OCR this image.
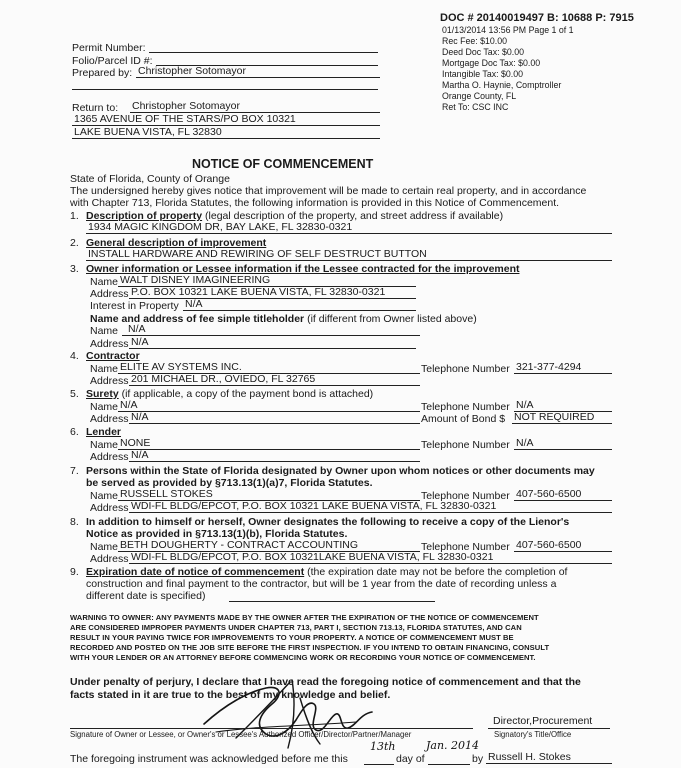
DOC # 20140019497 B: 10688 P: 7915
01/13/2014 13:56 PM Page 1 of 1
Rec Fee: $10.00
Deed Doc Tax: $0.00
Mortgage Doc Tax: $0.00
Intangible Tax: $0.00
Martha O. Haynie, Comptroller
Orange County, FL
Ret To: CSC INC
Permit Number:
Folio/Parcel ID #:
Prepared by: Christopher Sotomayor
Return to: Christopher Sotomayor
1365 AVENUE OF THE STARS/PO BOX 10321
LAKE BUENA VISTA, FL 32830
NOTICE OF COMMENCEMENT
State of Florida, County of Orange
The undersigned hereby gives notice that improvement will be made to certain real property, and in accordance
with Chapter 713, Florida Statutes, the following information is provided in this Notice of Commencement.
1. Description of property (legal description of the property, and street address if available)
1934 MAGIC KINGDOM DR, BAY LAKE, FL 32830-0321
2. General description of improvement
INSTALL HARDWARE AND REWIRING OF SELF DESTRUCT BUTTON
3. Owner information or Lessee information if the Lessee contracted for the improvement
Name WALT DISNEY IMAGINEERING
Address P.O. BOX 10321 LAKE BUENA VISTA, FL 32830-0321
Interest in Property N/A
Name and address of fee simple titleholder (if different from Owner listed above)
Name N/A
Address N/A
4. Contractor
Name ELITE AV SYSTEMS INC.	Telephone Number 321-377-4294
Address 201 MICHAEL DR., OVIEDO, FL 32765
5. Surety (if applicable, a copy of the payment bond is attached)
Name N/A	Telephone Number N/A
Address N/A	Amount of Bond $ NOT REQUIRED
6. Lender
Name NONE	Telephone Number N/A
Address N/A
7. Persons within the State of Florida designated by Owner upon whom notices or other documents may
be served as provided by §713.13(1)(a)7, Florida Statutes.
Name RUSSELL STOKES	Telephone Number 407-560-6500
Address WDI-FL BLDG/EPCOT, P.O. BOX 10321 LAKE BUENA VISTA, FL 32830-0321
8. In addition to himself or herself, Owner designates the following to receive a copy of the Lienor's
Notice as provided in §713.13(1)(b), Florida Statutes.
Name BETH DOUGHERTY - CONTRACT ACCOUNTING	Telephone Number 407-560-6500
Address WDI-FL BLDG/EPCOT, P.O. BOX 10321LAKE BUENA VISTA, FL 32830-0321
9. Expiration date of notice of commencement (the expiration date may not be before the completion of
construction and final payment to the contractor, but will be 1 year from the date of recording unless a
different date is specified)
WARNING TO OWNER: ANY PAYMENTS MADE BY THE OWNER AFTER THE EXPIRATION OF THE NOTICE OF COMMENCEMENT
ARE CONSIDERED IMPROPER PAYMENTS UNDER CHAPTER 713, PART I, SECTION 713.13, FLORIDA STATUTES, AND CAN
RESULT IN YOUR PAYING TWICE FOR IMPROVEMENTS TO YOUR PROPERTY. A NOTICE OF COMMENCEMENT MUST BE
RECORDED AND POSTED ON THE JOB SITE BEFORE THE FIRST INSPECTION. IF YOU INTEND TO OBTAIN FINANCING, CONSULT
WITH YOUR LENDER OR AN ATTORNEY BEFORE COMMENCING WORK OR RECORDING YOUR NOTICE OF COMMENCEMENT.
Under penalty of perjury, I declare that I have read the foregoing notice of commencement and that the
facts stated in it are true to the best of my knowledge and belief.
Director,Procurement
Signature of Owner or Lessee, or Owner's or Lessee's Authorized Officer/Director/Partner/Manager	Signatory's Title/Office
The foregoing instrument was acknowledged before me this
13th
day of
Jan. 2014
by Russell H. Stokes
